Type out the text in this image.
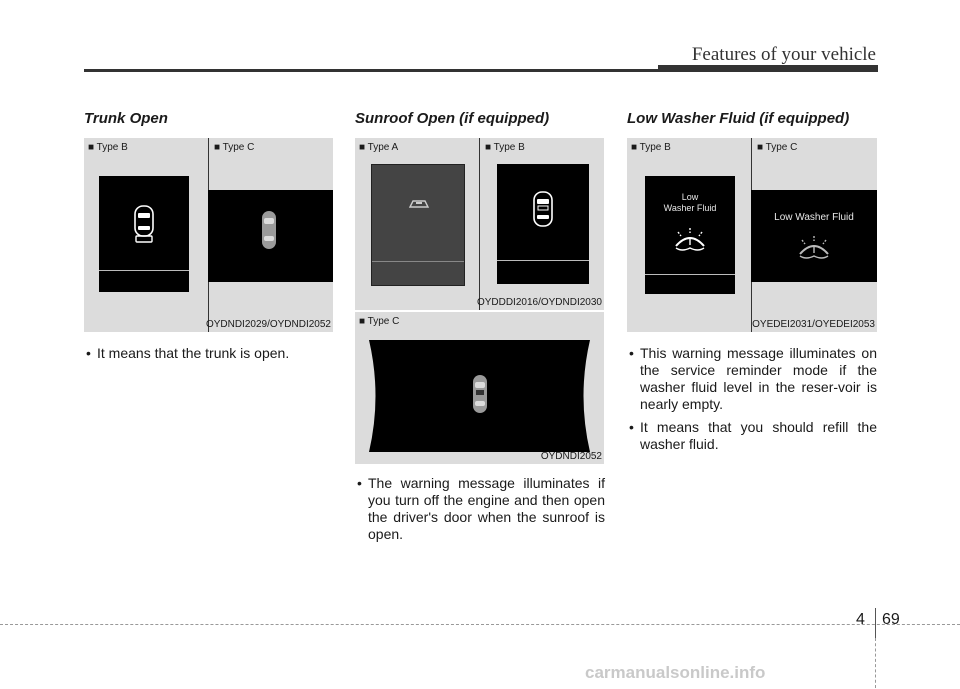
Features of your vehicle
Trunk Open
■ Type B	■ Type C
OYDNDI2029/OYDNDI2052
• It means that the trunk is open.
Sunroof Open (if equipped)
■ Type A	■ Type B
OYDDDI2016/OYDNDI2030
■ Type C
OYDNDI2052
• The warning message illuminates if you turn off the engine and then open the driver's door when the sunroof is open.
Low Washer Fluid (if equipped)
■ Type B	■ Type C
Low
Washer Fluid
Low Washer Fluid
OYEDEI2031/OYEDEI2053
• This warning message illuminates on the service reminder mode if the washer fluid level in the reser-voir is nearly empty.
• It means that you should refill the washer fluid.
4 69
carmanualsonline.info
